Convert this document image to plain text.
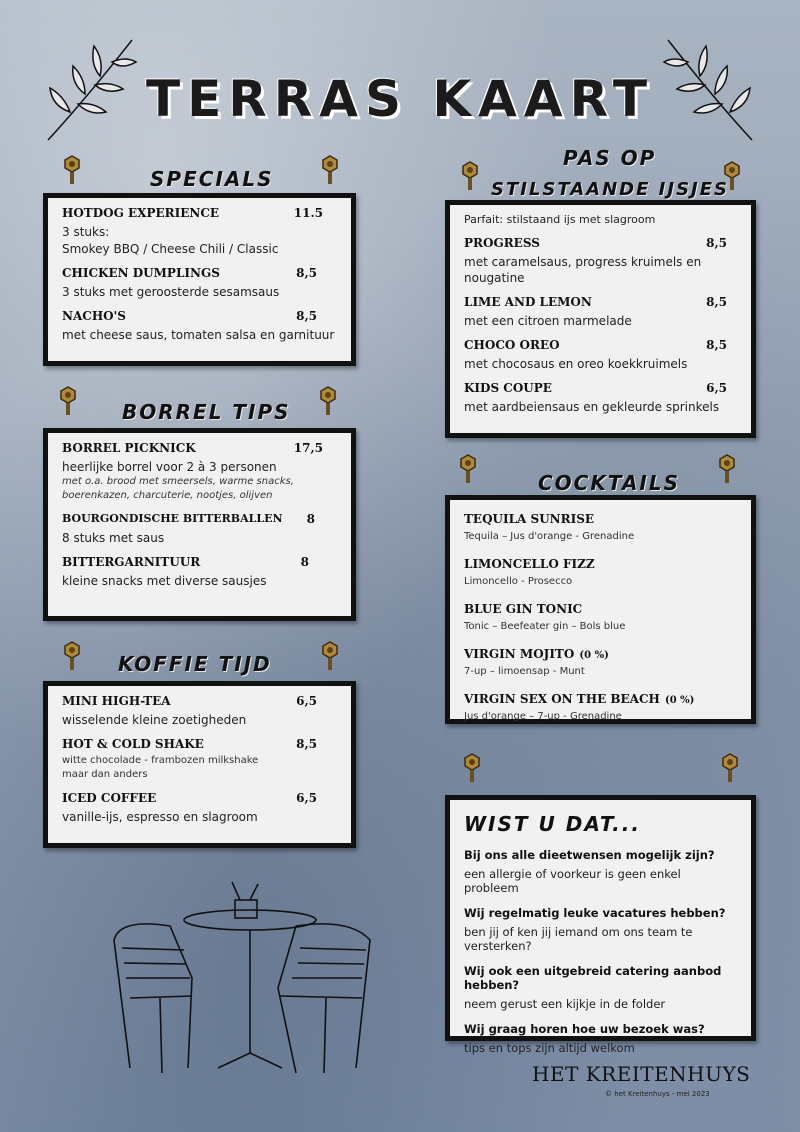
TERRAS KAART
SPECIALS
HOTDOG EXPERIENCE	11.5
3 stuks:
Smokey BBQ / Cheese Chili / Classic
CHICKEN DUMPLINGS	8,5
3 stuks met geroosterde sesamsaus
NACHO'S	8,5
met cheese saus, tomaten salsa en garnituur
BORREL TIPS
BORREL PICKNICK	17,5
heerlijke borrel voor 2 à 3 personen
met o.a. brood met smeersels, warme snacks,
boerenkazen, charcuterie, nootjes, olijven
BOURGONDISCHE BITTERBALLEN 8
8 stuks met saus
BITTERGARNITUUR	8
kleine snacks met diverse sausjes
KOFFIE TIJD
MINI HIGH-TEA	6,5
wisselende kleine zoetigheden
HOT & COLD SHAKE	8,5
witte chocolade - frambozen milkshake
maar dan anders
ICED COFFEE	6,5
vanille-ijs, espresso en slagroom
PAS OP
STILSTAANDE IJSJES
Parfait: stilstaand ijs met slagroom
PROGRESS	8,5
met caramelsaus, progress kruimels en nougatine
LIME AND LEMON	8,5
met een citroen marmelade
CHOCO OREO	8,5
met chocosaus en oreo koekkruimels
KIDS COUPE	6,5
met aardbeiensaus en gekleurde sprinkels
COCKTAILS
TEQUILA SUNRISE
Tequila – Jus d'orange - Grenadine
LIMONCELLO FIZZ
Limoncello - Prosecco
BLUE GIN TONIC
Tonic – Beefeater gin – Bols blue
VIRGIN MOJITO (0 %)
7-up – limoensap - Munt
VIRGIN SEX ON THE BEACH (0 %)
Jus d'orange – 7-up - Grenadine
WIST U DAT...
Bij ons alle dieetwensen mogelijk zijn?
een allergie of voorkeur is geen enkel probleem
Wij regelmatig leuke vacatures hebben?
ben jij of ken jij iemand om ons team te versterken?
Wij ook een uitgebreid catering aanbod hebben?
neem gerust een kijkje in de folder
Wij graag horen hoe uw bezoek was?
tips en tops zijn altijd welkom
HET KREITENHUYS
© het Kreitenhuys - mei 2023
